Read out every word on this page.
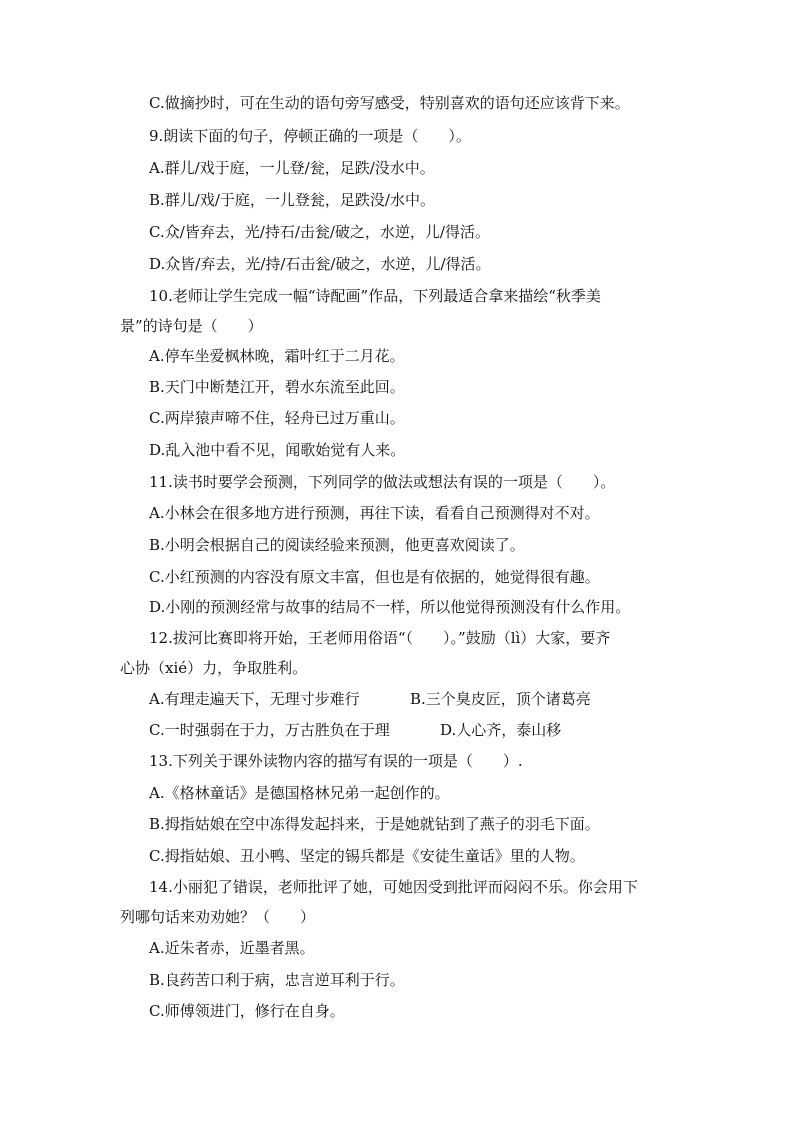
C.做摘抄时，可在生动的语句旁写感受，特别喜欢的语句还应该背下来。
9.朗读下面的句子，停顿正确的一项是（　　）。
A.群儿/戏于庭，一儿登/瓮，足跌/没水中。
B.群儿/戏/于庭，一儿登瓮，足跌没/水中。
C.众/皆弃去，光/持石/击瓮/破之，水逆，儿/得活。
D.众皆/弃去，光/持/石击瓮/破之，水逆，儿/得活。
10.老师让学生完成一幅“诗配画”作品，下列最适合拿来描绘“秋季美
景”的诗句是（　　）
A.停车坐爱枫林晚，霜叶红于二月花。
B.天门中断楚江开，碧水东流至此回。
C.两岸猿声啼不住，轻舟已过万重山。
D.乱入池中看不见，闻歌始觉有人来。
11.读书时要学会预测，下列同学的做法或想法有误的一项是（　　）。
A.小林会在很多地方进行预测，再往下读，看看自己预测得对不对。
B.小明会根据自己的阅读经验来预测，他更喜欢阅读了。
C.小红预测的内容没有原文丰富，但也是有依据的，她觉得很有趣。
D.小刚的预测经常与故事的结局不一样，所以他觉得预测没有什么作用。
12.拔河比赛即将开始，王老师用俗语“（　　）。”鼓励（lì）大家，要齐
心协（xié）力，争取胜利。
A.有理走遍天下，无理寸步难行	B.三个臭皮匠，顶个诸葛亮
C.一时强弱在于力，万古胜负在于理	D.人心齐，泰山移
13.下列关于课外读物内容的描写有误的一项是（　　）.
A.《格林童话》是德国格林兄弟一起创作的。
B.拇指姑娘在空中冻得发起抖来，于是她就钻到了燕子的羽毛下面。
C.拇指姑娘、丑小鸭、坚定的锡兵都是《安徒生童话》里的人物。
14.小丽犯了错误，老师批评了她，可她因受到批评而闷闷不乐。你会用下
列哪句话来劝劝她？（　　）
A.近朱者赤，近墨者黑。
B.良药苦口利于病，忠言逆耳利于行。
C.师傅领进门，修行在自身。
